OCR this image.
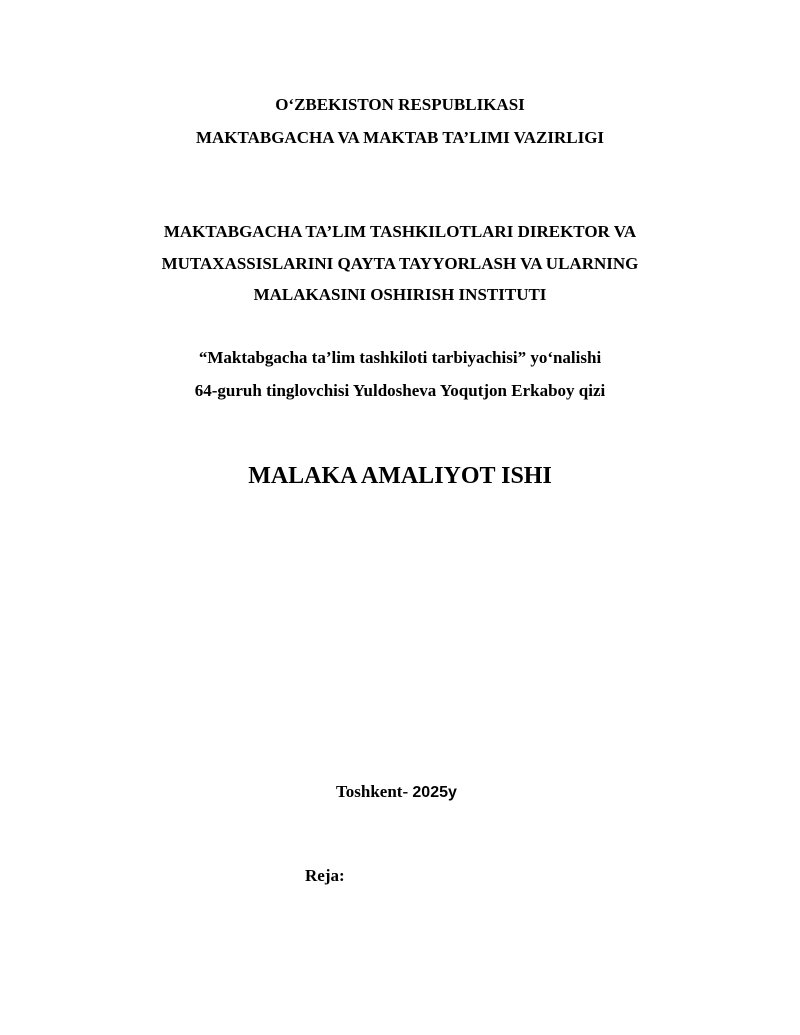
O‘ZBEKISTON RESPUBLIKASI
MAKTABGACHA VA MAKTAB TA’LIMI VAZIRLIGI
MAKTABGACHA TA’LIM TASHKILOTLARI DIREKTOR VA
MUTAXASSISLARINI QAYTA TAYYORLASH VA ULARNING
MALAKASINI OSHIRISH INSTITUTI
“Maktabgacha ta’lim tashkiloti tarbiyachisi” yo‘nalishi
64-guruh tinglovchisi Yuldosheva Yoqutjon Erkaboy qizi
MALAKA AMALIYOT ISHI
Toshkent- 2025y
Reja:
